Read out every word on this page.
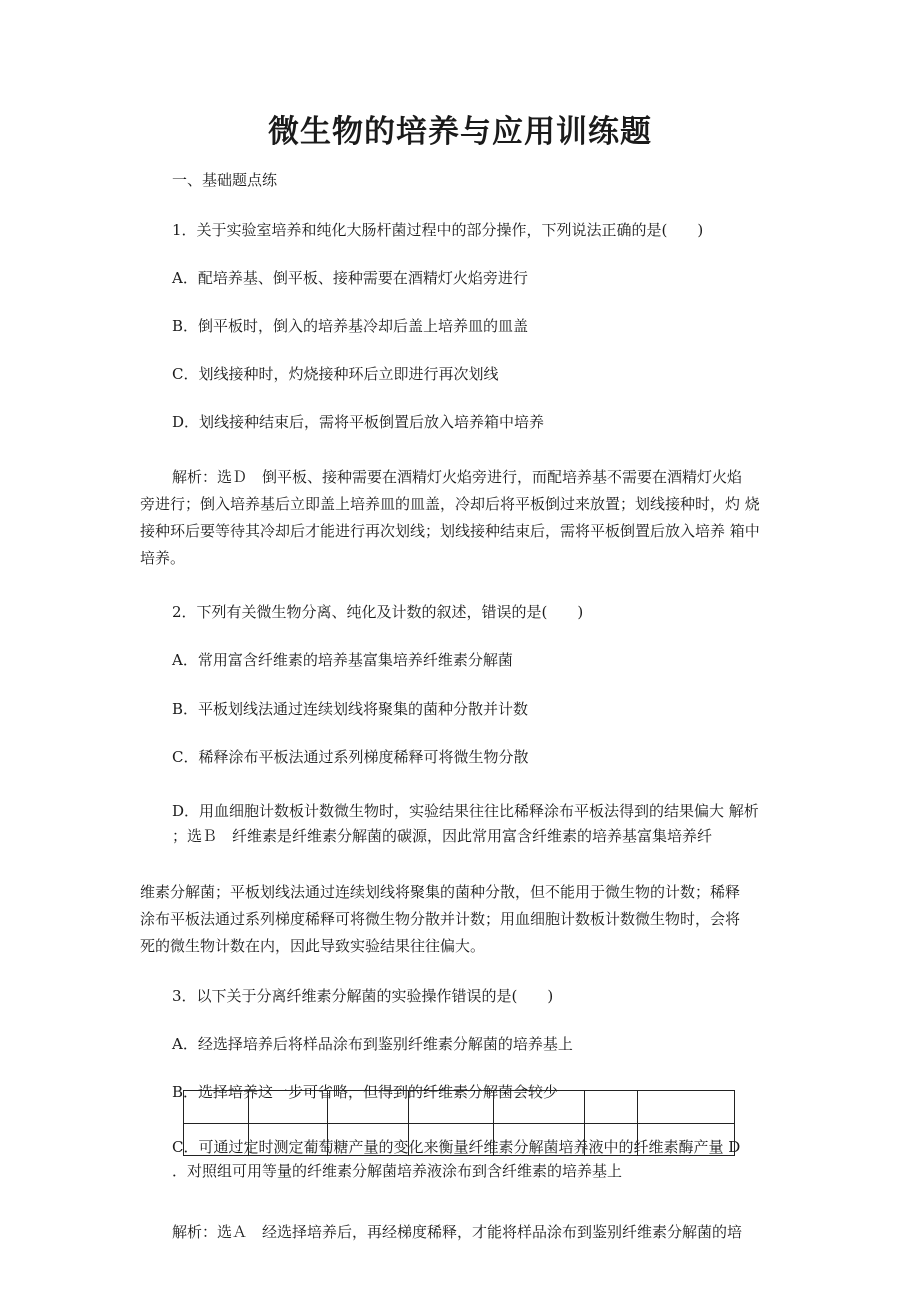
微生物的培养与应用训练题
一、基础题点练
1．关于实验室培养和纯化大肠杆菌过程中的部分操作，下列说法正确的是(　　)
A．配培养基、倒平板、接种需要在酒精灯火焰旁进行
B．倒平板时，倒入的培养基冷却后盖上培养皿的皿盖
C．划线接种时，灼烧接种环后立即进行再次划线
D．划线接种结束后，需将平板倒置后放入培养箱中培养
解析：选Ｄ　倒平板、接种需要在酒精灯火焰旁进行，而配培养基不需要在酒精灯火焰
旁进行；倒入培养基后立即盖上培养皿的皿盖，冷却后将平板倒过来放置；划线接种时，灼 烧
接种环后要等待其冷却后才能进行再次划线；划线接种结束后，需将平板倒置后放入培养 箱中
培养。
2．下列有关微生物分离、纯化及计数的叙述，错误的是(　　)
A．常用富含纤维素的培养基富集培养纤维素分解菌
B．平板划线法通过连续划线将聚集的菌种分散并计数
C．稀释涂布平板法通过系列梯度稀释可将微生物分散
D．用血细胞计数板计数微生物时，实验结果往往比稀释涂布平板法得到的结果偏大 解析
；选Ｂ　纤维素是纤维素分解菌的碳源，因此常用富含纤维素的培养基富集培养纤
维素分解菌；平板划线法通过连续划线将聚集的菌种分散，但不能用于微生物的计数；稀释
涂布平板法通过系列梯度稀释可将微生物分散并计数；用血细胞计数板计数微生物时，会将
死的微生物计数在内，因此导致实验结果往往偏大。
3．以下关于分离纤维素分解菌的实验操作错误的是(　　)
A．经选择培养后将样品涂布到鉴别纤维素分解菌的培养基上
B．选择培养这一步可省略，但得到的纤维素分解菌会较少

C．可通过定时测定葡萄糖产量的变化来衡量纤维素分解菌培养液中的纤维素酶产量 D
．对照组可用等量的纤维素分解菌培养液涂布到含纤维素的培养基上
解析：选Ａ　经选择培养后，再经梯度稀释，才能将样品涂布到鉴别纤维素分解菌的培
